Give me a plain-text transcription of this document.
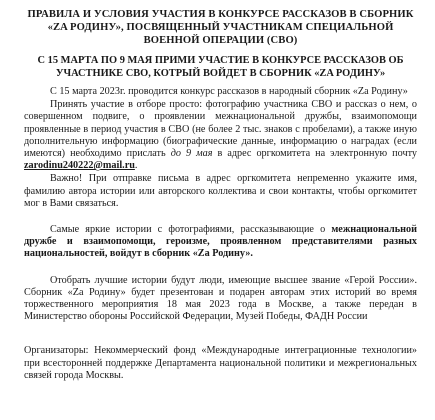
ПРАВИЛА И УСЛОВИЯ УЧАСТИЯ В КОНКУРСЕ РАССКАЗОВ В СБОРНИК «ZA РОДИНУ», ПОСВЯЩЕННЫЙ УЧАСТНИКАМ СПЕЦИАЛЬНОЙ ВОЕННОЙ ОПЕРАЦИИ (СВО)
С 15 МАРТА ПО 9 МАЯ ПРИМИ УЧАСТИЕ В КОНКУРСЕ РАССКАЗОВ ОБ УЧАСТНИКЕ СВО, КОТРЫЙ ВОЙДЕТ В СБОРНИК «ZA РОДИНУ»

С 15 марта 2023г. проводится конкурс рассказов в народный сборник «Za Родину»

Принять участие в отборе просто: фотографию участника СВО и рассказ о нем, о совершенном подвиге, о проявлении межнациональной дружбы, взаимопомощи проявленные в период участия в СВО (не более 2 тыс. знаков с пробелами), а также иную дополнительную информацию (биографические данные, информацию о наградах (если имеются) необходимо прислать до 9 мая в адрес оргкомитета на электронную почту zarodinu240222@mail.ru.

Важно! При отправке письма в адрес оргкомитета непременно укажите имя, фамилию автора истории или авторского коллектива и свои контакты, чтобы оргкомитет мог в Вами связаться.

Самые яркие истории с фотографиями, рассказывающие о межнациональной дружбе и взаимопомощи, героизме, проявленном представителями разных национальностей, войдут в сборник «Za Родину».

Отобрать лучшие истории будут люди, имеющие высшее звание «Герой России». Сборник «Za Родину» будет презентован и подарен авторам этих историй во время торжественного мероприятия 18 мая 2023 года в Москве, а также передан в Министерство обороны Российской Федерации, Музей Победы, ФАДН России

Организаторы: Некоммерческий фонд «Международные интеграционные технологии» при всесторонней поддержке Департамента национальной политики и межрегиональных связей города Москвы.
